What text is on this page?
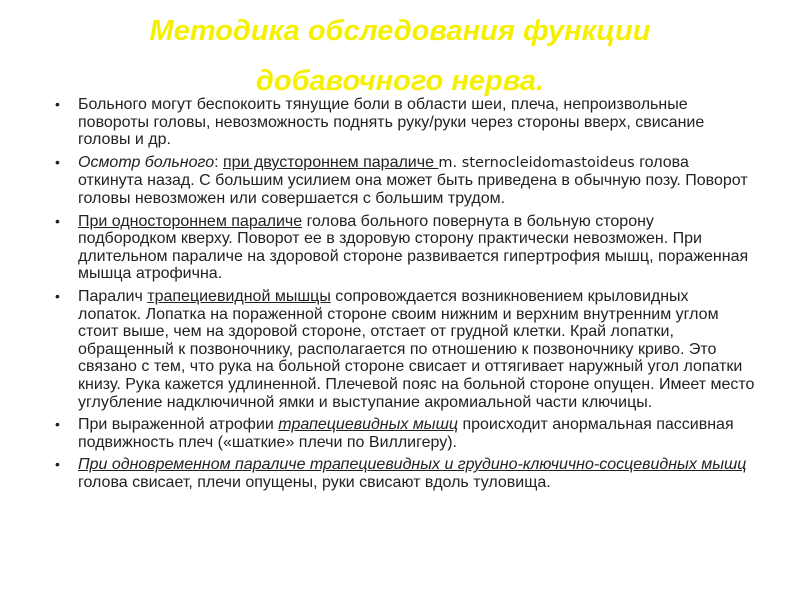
Методика обследования функции
добавочного нерва.
• Больного могут беспокоить тянущие боли в области шеи, плеча, непроизвольные повороты головы, невозможность поднять руку/руки через стороны вверх, свисание головы и др.
• Осмотр больного: при двустороннем параличе m. sternocleidomastoideus голова откинута назад. С большим усилием она может быть приведена в обычную позу. Поворот головы невозможен или совершается с большим трудом.
• При одностороннем параличе голова больного повернута в больную сторону подбородком кверху. Поворот ее в здоровую сторону практически невозможен. При длительном параличе на здоровой стороне развивается гипертрофия мышц, пораженная мышца атрофична.
• Паралич трапециевидной мышцы сопровождается возникновением крыловидных лопаток. Лопатка на пораженной стороне своим нижним и верхним внутренним углом стоит выше, чем на здоровой стороне, отстает от грудной клетки. Край лопатки, обращенный к позвоночнику, располагается по отношению к позвоночнику криво. Это связано с тем, что рука на больной стороне свисает и оттягивает наружный угол лопатки книзу. Рука кажется удлиненной. Плечевой пояс на больной стороне опущен. Имеет место углубление надключичной ямки и выступание акромиальной части ключицы.
• При выраженной атрофии трапециевидных мышц происходит анормальная пассивная подвижность плеч («шаткие» плечи по Виллигеру).
• При одновременном параличе трапециевидных и грудино-ключично-сосцевидных мышц голова свисает, плечи опущены, руки свисают вдоль туловища.
